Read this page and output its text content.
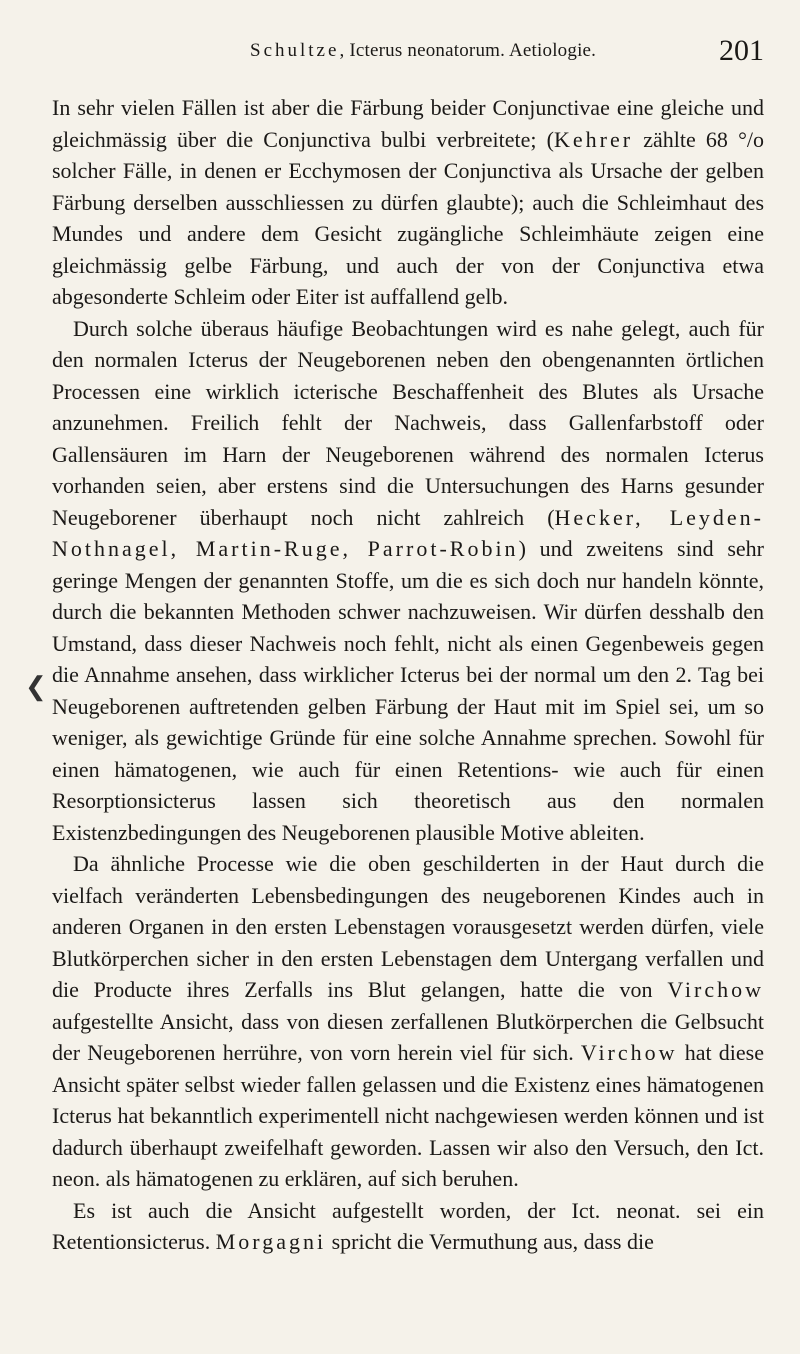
Schultze, Icterus neonatorum. Aetiologie.	201
❮

In sehr vielen Fällen ist aber die Färbung beider Conjunctivae eine gleiche und gleichmässig über die Conjunctiva bulbi verbreitete; (Kehrer zählte 68 °/o solcher Fälle, in denen er Ecchymosen der Conjunctiva als Ursache der gelben Färbung derselben ausschliessen zu dürfen glaubte); auch die Schleimhaut des Mundes und andere dem Gesicht zugängliche Schleimhäute zeigen eine gleichmässig gelbe Färbung, und auch der von der Conjunctiva etwa abgesonderte Schleim oder Eiter ist auffallend gelb.

Durch solche überaus häufige Beobachtungen wird es nahe gelegt, auch für den normalen Icterus der Neugeborenen neben den obengenannten örtlichen Processen eine wirklich icterische Beschaffenheit des Blutes als Ursache anzunehmen. Freilich fehlt der Nachweis, dass Gallenfarbstoff oder Gallensäuren im Harn der Neugeborenen während des normalen Icterus vorhanden seien, aber erstens sind die Untersuchungen des Harns gesunder Neugeborener überhaupt noch nicht zahlreich (Hecker, Leyden-Nothnagel, Martin-Ruge, Parrot-Robin) und zweitens sind sehr geringe Mengen der genannten Stoffe, um die es sich doch nur handeln könnte, durch die bekannten Methoden schwer nachzuweisen. Wir dürfen desshalb den Umstand, dass dieser Nachweis noch fehlt, nicht als einen Gegenbeweis gegen die Annahme ansehen, dass wirklicher Icterus bei der normal um den 2. Tag bei Neugeborenen auftretenden gelben Färbung der Haut mit im Spiel sei, um so weniger, als gewichtige Gründe für eine solche Annahme sprechen. Sowohl für einen hämatogenen, wie auch für einen Retentions- wie auch für einen Resorptionsicterus lassen sich theoretisch aus den normalen Existenzbedingungen des Neugeborenen plausible Motive ableiten.

Da ähnliche Processe wie die oben geschilderten in der Haut durch die vielfach veränderten Lebensbedingungen des neugeborenen Kindes auch in anderen Organen in den ersten Lebenstagen vorausgesetzt werden dürfen, viele Blutkörperchen sicher in den ersten Lebenstagen dem Untergang verfallen und die Producte ihres Zerfalls ins Blut gelangen, hatte die von Virchow aufgestellte Ansicht, dass von diesen zerfallenen Blutkörperchen die Gelbsucht der Neugeborenen herrühre, von vorn herein viel für sich. Virchow hat diese Ansicht später selbst wieder fallen gelassen und die Existenz eines hämatogenen Icterus hat bekanntlich experimentell nicht nachgewiesen werden können und ist dadurch überhaupt zweifelhaft geworden. Lassen wir also den Versuch, den Ict. neon. als hämatogenen zu erklären, auf sich beruhen.

Es ist auch die Ansicht aufgestellt worden, der Ict. neonat. sei ein Retentionsicterus. Morgagni spricht die Vermuthung aus, dass die
